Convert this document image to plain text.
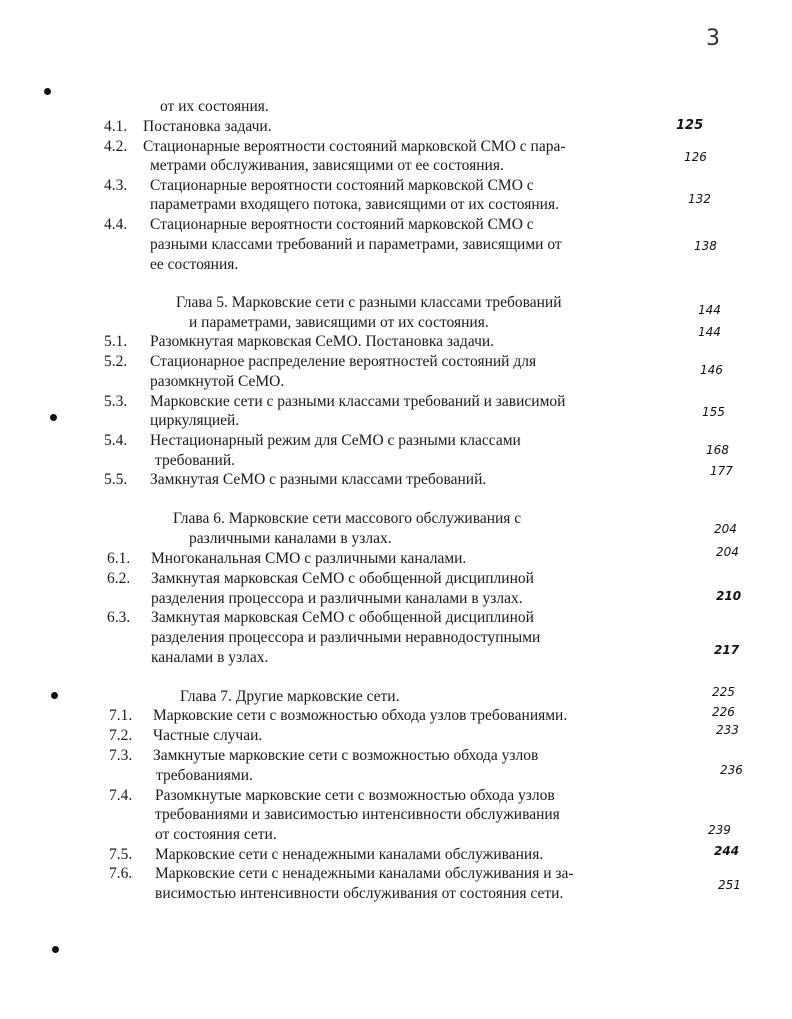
3
от их состояния.
4.1. Постановка задачи.
4.2. Стационарные вероятности состояний марковской СМО с пара-
метрами обслуживания, зависящими от ее состояния.
4.3. Стационарные вероятности состояний марковской СМО с
параметрами входящего потока, зависящими от их состояния.
4.4. Стационарные вероятности состояний марковской СМО с
разными классами требований и параметрами, зависящими от
ее состояния.
Глава 5. Марковские сети с разными классами требований
и параметрами, зависящими от их состояния.
5.1. Разомкнутая марковская СеМО. Постановка задачи.
5.2. Стационарное распределение вероятностей состояний для
разомкнутой СеМО.
5.3. Марковские сети с разными классами требований и зависимой
циркуляцией.
5.4. Нестационарный режим для СеМО с разными классами
требований.
5.5. Замкнутая СеМО с разными классами требований.
Глава 6. Марковские сети массового обслуживания с
различными каналами в узлах.
6.1. Многоканальная СМО с различными каналами.
6.2. Замкнутая марковская СеМО с обобщенной дисциплиной
разделения процессора и различными каналами в узлах.
6.3. Замкнутая марковская СеМО с обобщенной дисциплиной
разделения процессора и различными неравнодоступными
каналами в узлах.
Глава 7. Другие марковские сети.
7.1. Марковские сети с возможностью обхода узлов требованиями.
7.2. Частные случаи.
7.3. Замкнутые марковские сети с возможностью обхода узлов
требованиями.
7.4. Разомкнутые марковские сети с возможностью обхода узлов
требованиями и зависимостью интенсивности обслуживания
от состояния сети.
7.5. Марковские сети с ненадежными каналами обслуживания.
7.6. Марковские сети с ненадежными каналами обслуживания и за-
висимостью интенсивности обслуживания от состояния сети.
125
126
132
138
144
144
146
155
168
177
204
204
210
217
225
226
233
236
239
244
251
